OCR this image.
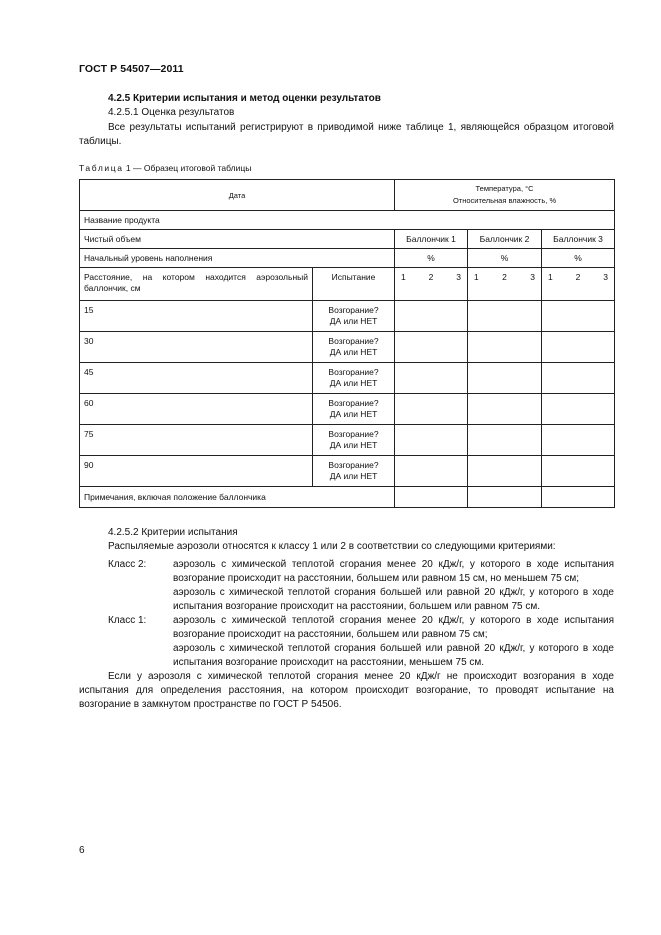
ГОСТ Р 54507—2011
4.2.5 Критерии испытания и метод оценки результатов
4.2.5.1 Оценка результатов
Все результаты испытаний регистрируют в приводимой ниже таблице 1, являющейся образцом итоговой таблицы.
Таблица 1 — Образец итоговой таблицы
Дата		Температура, °С
Относительная влажность, %		

Название продукта				
Чистый объем		Баллончик 1	Баллончик 2	Баллончик 3
Начальный уровень наполнения		%	%	%
Расстояние, на котором находится аэрозольный баллончик, см	Испытание	1 2 3	1 2 3	1 2 3

15	Возгорание?
ДА или НЕТ			

30	Возгорание?
ДА или НЕТ			

45	Возгорание?
ДА или НЕТ			

60	Возгорание?
ДА или НЕТ			

75	Возгорание?
ДА или НЕТ			

90	Возгорание?
ДА или НЕТ			

Примечания, включая положение баллончика				
4.2.5.2 Критерии испытания
Распыляемые аэрозоли относятся к классу 1 или 2 в соответствии со следующими критериями:
Класс 2:	аэрозоль с химической теплотой сгорания менее 20 кДж/г, у которого в ходе испытания возгорание происходит на расстоянии, большем или равном 15 см, но меньшем 75 см;
аэрозоль с химической теплотой сгорания большей или равной 20 кДж/г, у которого в ходе испытания возгорание происходит на расстоянии, большем или равном 75 см.
Класс 1:	аэрозоль с химической теплотой сгорания менее 20 кДж/г, у которого в ходе испытания возгорание происходит на расстоянии, большем или равном 75 см;
аэрозоль с химической теплотой сгорания большей или равной 20 кДж/г, у которого в ходе испытания возгорание происходит на расстоянии, меньшем 75 см.
Если у аэрозоля с химической теплотой сгорания менее 20 кДж/г не происходит возгорания в ходе испытания для определения расстояния, на котором происходит возгорание, то проводят испытание на возгорание в замкнутом пространстве по ГОСТ Р 54506.
6
